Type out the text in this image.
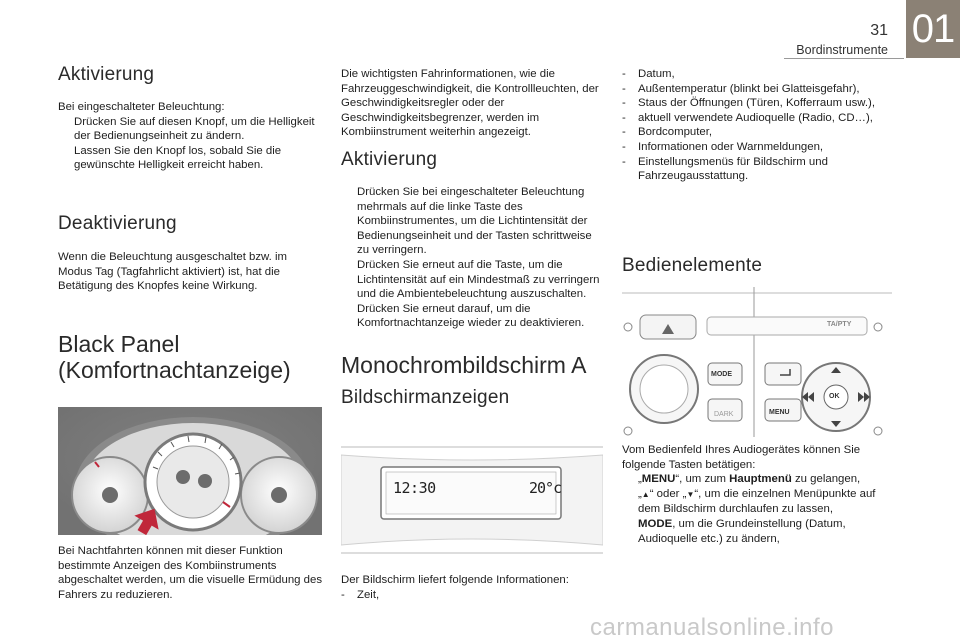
31
Bordinstrumente 01
Aktivierung

Bei eingeschalteter Beleuchtung:

Drücken Sie auf diesen Knopf, um die Helligkeit der Bedienungseinheit zu ändern.
Lassen Sie den Knopf los, sobald Sie die gewünschte Helligkeit erreicht haben.
Deaktivierung

Wenn die Beleuchtung ausgeschaltet bzw. im Modus Tag (Tagfahrlicht aktiviert) ist, hat die Betätigung des Knopfes keine Wirkung.

Black Panel
(Komfortnachtanzeige)

Bei Nachtfahrten können mit dieser Funktion bestimmte Anzeigen des Kombiinstruments abgeschaltet werden, um die visuelle Ermüdung des Fahrers zu reduzieren.

Die wichtigsten Fahrinformationen, wie die Fahrzeuggeschwindigkeit, die Kontrollleuchten, der Geschwindigkeitsregler oder der Geschwindigkeitsbegrenzer, werden im Kombiinstrument weiterhin angezeigt.

Aktivierung
Drücken Sie bei eingeschalteter Beleuchtung mehrmals auf die linke Taste des Kombiinstrumentes, um die Lichtintensität der Bedienungseinheit und der Tasten schrittweise zu verringern.
Drücken Sie erneut auf die Taste, um die Lichtintensität auf ein Mindestmaß zu verringern und die Ambientebeleuchtung auszuschalten.
Drücken Sie erneut darauf, um die Komfortnachtanzeige wieder zu deaktivieren.
Monochrombildschirm A
Bildschirmanzeigen
12:30	20°c

Der Bildschirm liefert folgende Informationen:

-	Zeit,
-	Datum,
-	Außentemperatur (blinkt bei Glatteisgefahr),
-	Staus der Öffnungen (Türen, Kofferraum usw.),
-	aktuell verwendete Audioquelle (Radio, CD…),
-	Bordcomputer,
-	Informationen oder Warnmeldungen,
-	Einstellungsmenüs für Bildschirm und Fahrzeugausstattung.
Bedienelemente
MODE
DARK	MENU
OK
TA/PTY

Vom Bedienfeld Ihres Audiogerätes können Sie folgende Tasten betätigen:

„MENU“, um zum Hauptmenü zu gelangen,
„▲“ oder „▼“, um die einzelnen Menüpunkte auf dem Bildschirm durchlaufen zu lassen,
MODE, um die Grundeinstellung (Datum, Audioquelle etc.) zu ändern,
carmanualsonline.info
